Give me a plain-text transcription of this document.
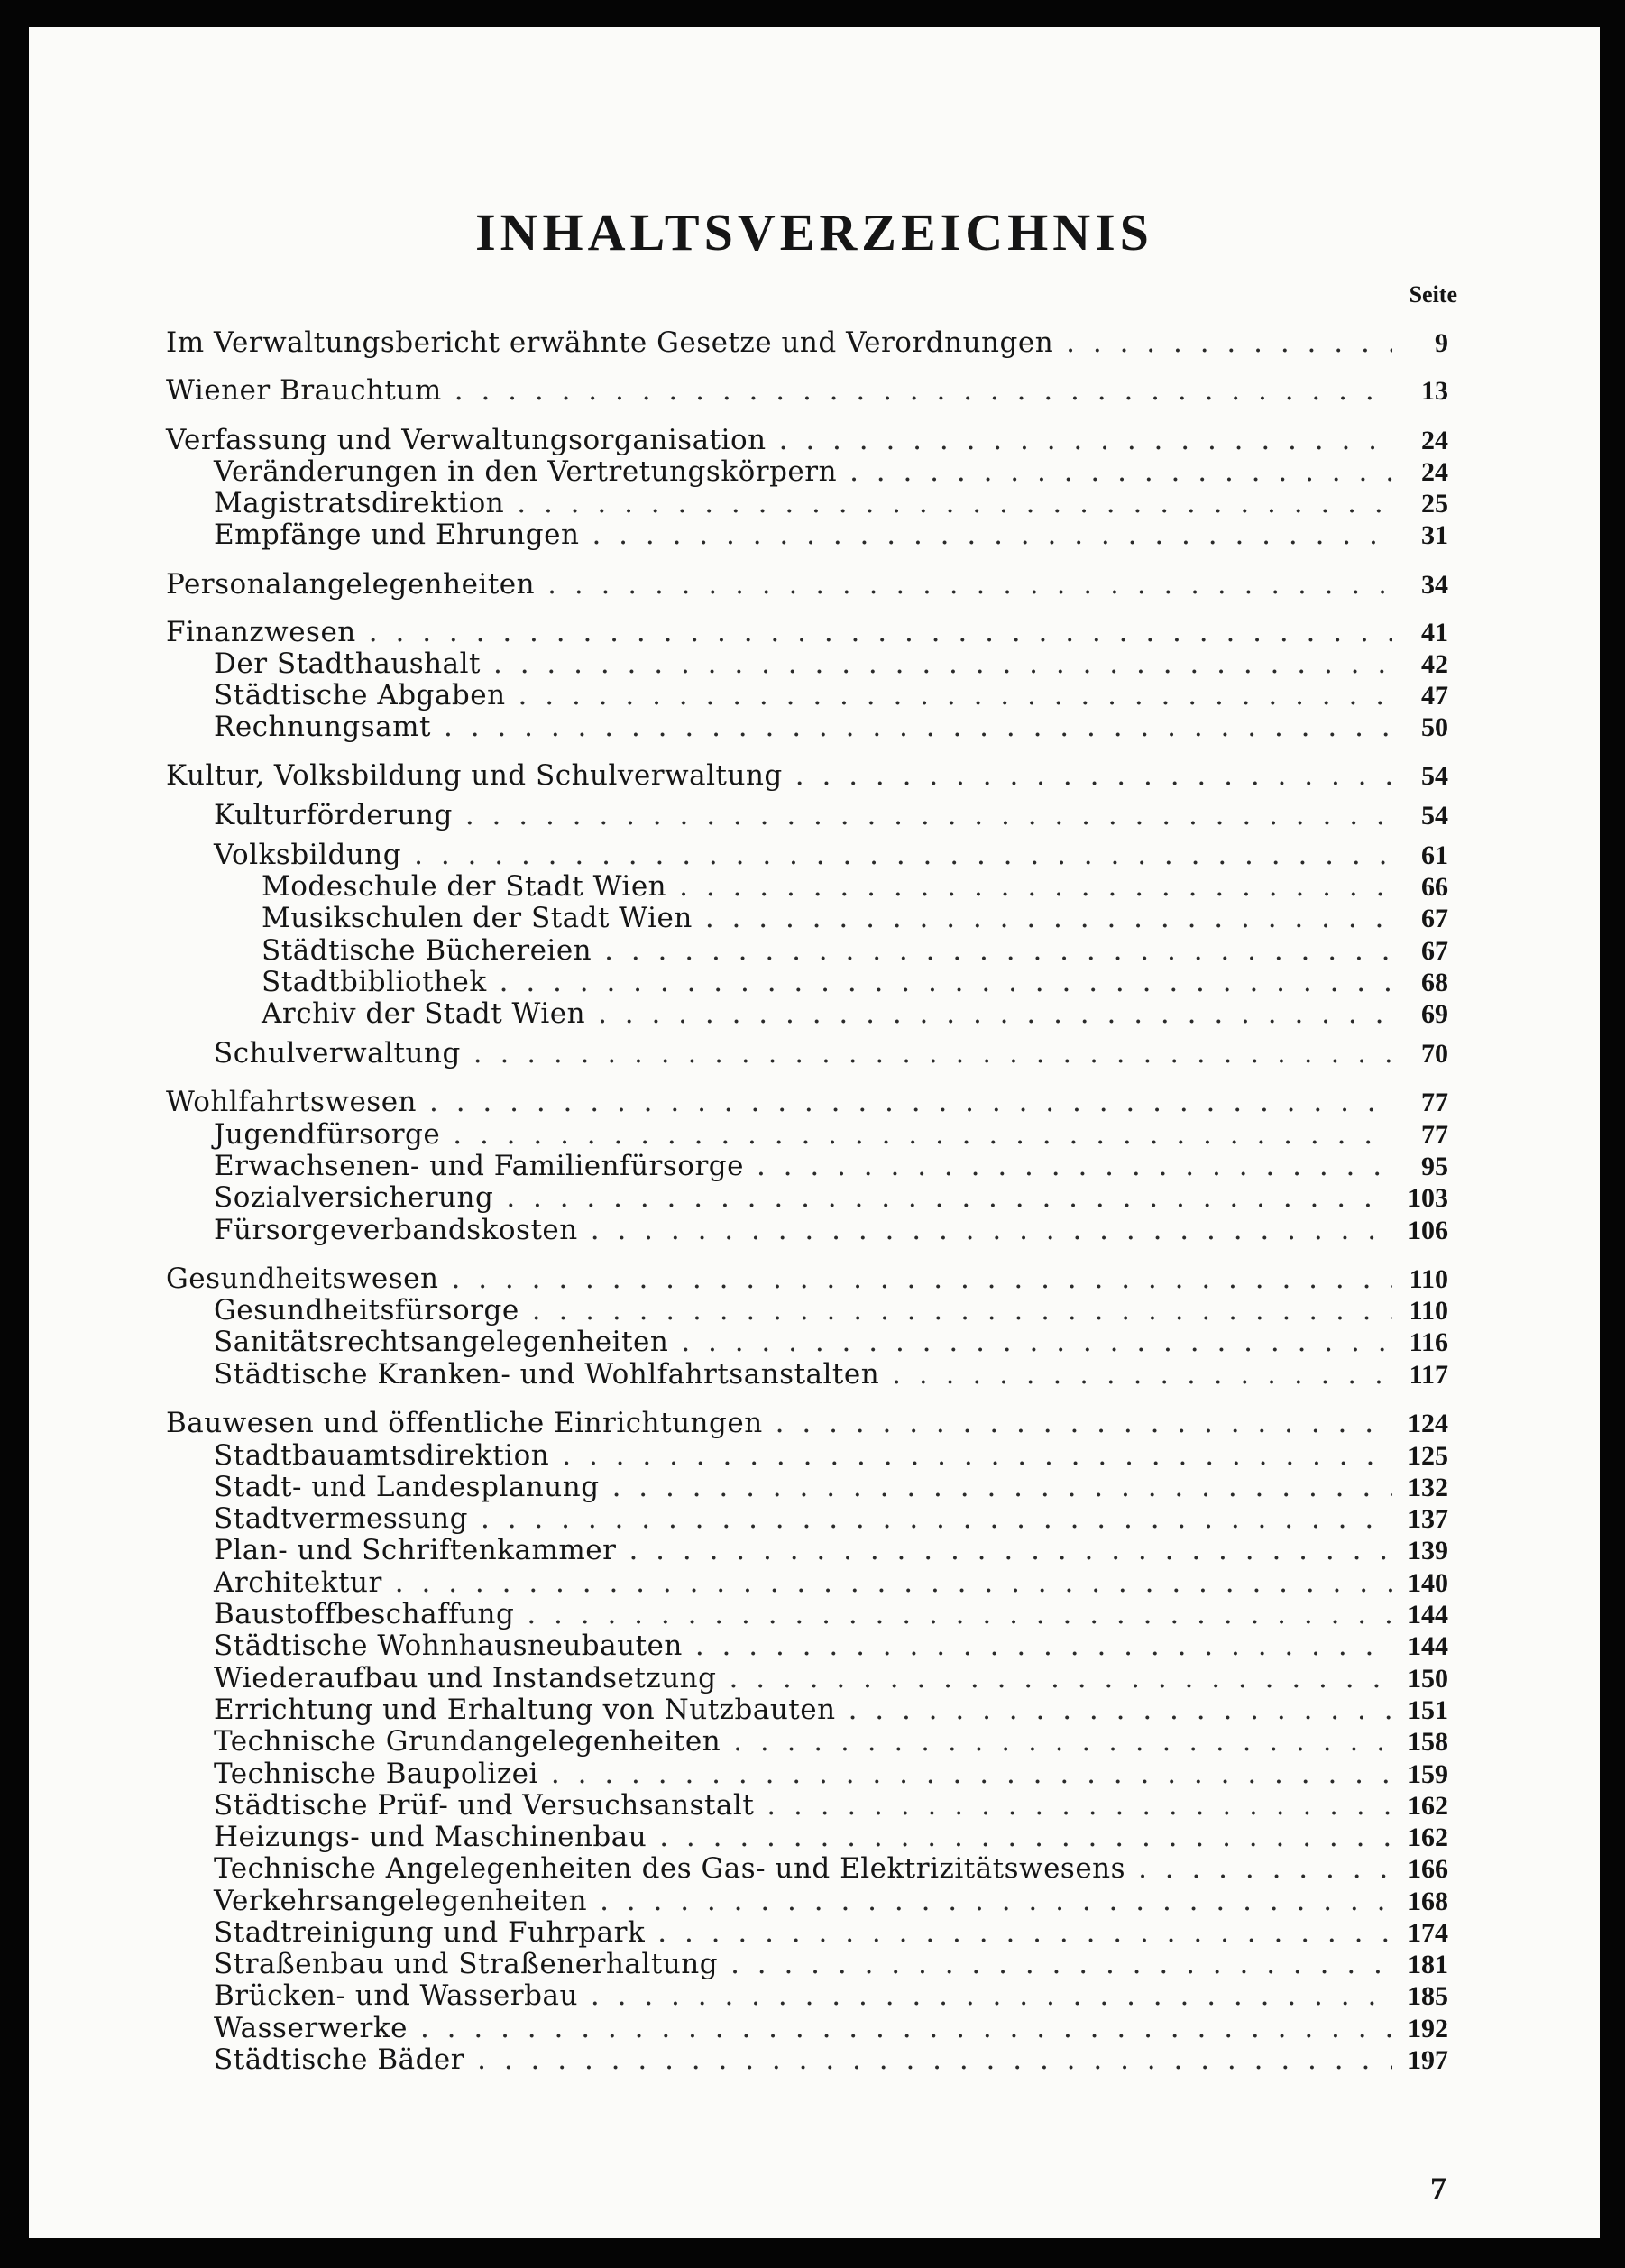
INHALTSVERZEICHNIS
Seite
Im Verwaltungsbericht erwähnte Gesetze und Verordnungen . . .	9
Wiener Brauchtum . . .	13
Verfassung und Verwaltungsorganisation . . .	24
Veränderungen in den Vertretungskörpern . . .	24
Magistratsdirektion . . .	25
Empfänge und Ehrungen . . .	31
Personalangelegenheiten . . .	34
Finanzwesen . . .	41
Der Stadthaushalt . . .	42
Städtische Abgaben . . .	47
Rechnungsamt . . .	50
Kultur, Volksbildung und Schulverwaltung . . .	54
Kulturförderung . . .	54
Volksbildung . . .	61
Modeschule der Stadt Wien . . .	66
Musikschulen der Stadt Wien . . .	67
Städtische Büchereien . . .	67
Stadtbibliothek . . .	68
Archiv der Stadt Wien . . .	69
Schulverwaltung . . .	70
Wohlfahrtswesen . . .	77
Jugendfürsorge . . .	77
Erwachsenen- und Familienfürsorge . . .	95
Sozialversicherung . . .	103
Fürsorgeverbandskosten . . .	106
Gesundheitswesen . . .	110
Gesundheitsfürsorge . . .	110
Sanitätsrechtsangelegenheiten . . .	116
Städtische Kranken- und Wohlfahrtsanstalten . . .	117
Bauwesen und öffentliche Einrichtungen . . .	124
Stadtbauamtsdirektion . . .	125
Stadt- und Landesplanung . . .	132
Stadtvermessung . . .	137
Plan- und Schriftenkammer . . .	139
Architektur . . .	140
Baustoffbeschaffung . . .	144
Städtische Wohnhausneubauten . . .	144
Wiederaufbau und Instandsetzung . . .	150
Errichtung und Erhaltung von Nutzbauten . . .	151
Technische Grundangelegenheiten . . .	158
Technische Baupolizei . . .	159
Städtische Prüf- und Versuchsanstalt . . .	162
Heizungs- und Maschinenbau . . .	162
Technische Angelegenheiten des Gas- und Elektrizitätswesens . . .	166
Verkehrsangelegenheiten . . .	168
Stadtreinigung und Fuhrpark . . .	174
Straßenbau und Straßenerhaltung . . .	181
Brücken- und Wasserbau . . .	185
Wasserwerke . . .	192
Städtische Bäder . . .	197
7
